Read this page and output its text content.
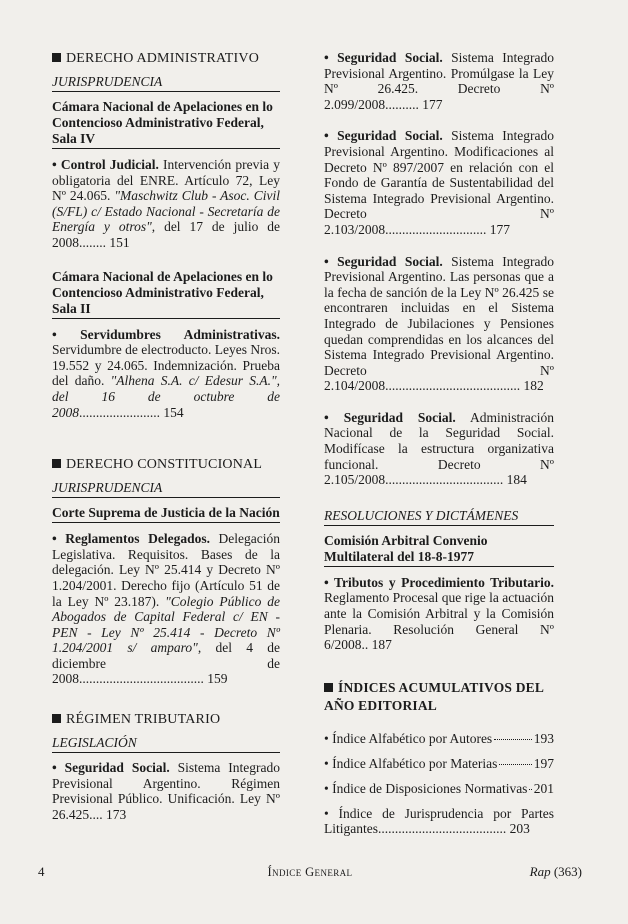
DERECHO ADMINISTRATIVO
JURISPRUDENCIA
Cámara Nacional de Apelaciones en lo Contencioso Administrativo Federal, Sala IV

• Control Judicial. Intervención previa y obligatoria del ENRE. Artículo 72, Ley Nº 24.065. "Maschwitz Club - Asoc. Civil (S/FL) c/ Estado Nacional - Secretaría de Energía y otros", del 17 de julio de 2008........ 151

Cámara Nacional de Apelaciones en lo Contencioso Administrativo Federal, Sala II

• Servidumbres Administrativas. Servidumbre de electroducto. Leyes Nros. 19.552 y 24.065. Indemnización. Prueba del daño. "Alhena S.A. c/ Edesur S.A.", del 16 de octubre de 2008........................ 154

DERECHO CONSTITUCIONAL
JURISPRUDENCIA
Corte Suprema de Justicia de la Nación

• Reglamentos Delegados. Delegación Legislativa. Requisitos. Bases de la delegación. Ley Nº 25.414 y Decreto Nº 1.204/2001. Derecho fijo (Artículo 51 de la Ley Nº 23.187). "Colegio Público de Abogados de Capital Federal c/ EN - PEN - Ley Nº 25.414 - Decreto Nº 1.204/2001 s/ amparo", del 4 de diciembre de 2008..................................... 159

RÉGIMEN TRIBUTARIO
LEGISLACIÓN

• Seguridad Social. Sistema Integrado Previsional Argentino. Régimen Previsional Público. Unificación. Ley Nº 26.425.... 173

• Seguridad Social. Sistema Integrado Previsional Argentino. Promúlgase la Ley Nº 26.425. Decreto Nº 2.099/2008.......... 177

• Seguridad Social. Sistema Integrado Previsional Argentino. Modificaciones al Decreto Nº 897/2007 en relación con el Fondo de Garantía de Sustentabilidad del Sistema Integrado Previsional Argentino. Decreto Nº 2.103/2008.............................. 177

• Seguridad Social. Sistema Integrado Previsional Argentino. Las personas que a la fecha de sanción de la Ley Nº 26.425 se encontraren incluidas en el Sistema Integrado de Jubilaciones y Pensiones quedan comprendidas en los alcances del Sistema Integrado Previsional Argentino. Decreto Nº 2.104/2008........................................ 182

• Seguridad Social. Administración Nacional de la Seguridad Social. Modifícase la estructura organizativa funcional. Decreto Nº 2.105/2008................................... 184

RESOLUCIONES Y DICTÁMENES
Comisión Arbitral Convenio Multilateral del 18-8-1977

• Tributos y Procedimiento Tributario. Reglamento Procesal que rige la actuación ante la Comisión Arbitral y la Comisión Plenaria. Resolución General Nº 6/2008.. 187

ÍNDICES ACUMULATIVOS DEL AÑO EDITORIAL
• Índice Alfabético por Autores	193
• Índice Alfabético por Materias	197
• Índice de Disposiciones Normativas 201

• Índice de Jurisprudencia por Partes Litigantes...................................... 203

4	Índice General	Rap (363)
